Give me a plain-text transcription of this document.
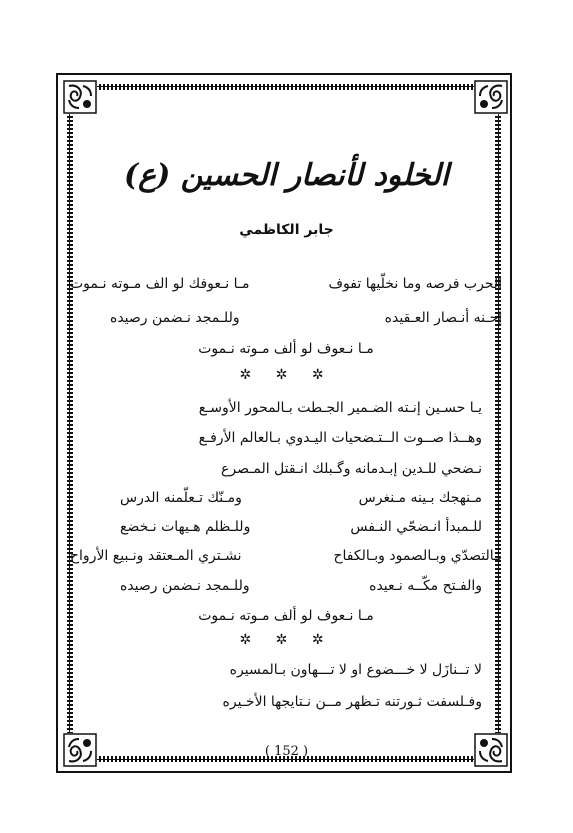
الخلود لأنصار الحسين (ع)
جابر الكاظمي
الحرب فرصه وما نخلّيها تفوف
مـا نـعوفك لو الف مـوته نـموت
إحـنه أنـصار العـقيده
وللـمجد نـضمن رصيده
مـا نـعوف لو ألف مـوته نـموت
✲ ✲ ✲
يـا حسـين إنـته الضـمير الجـطت بـالمحور الأوسـع
وهــذا صــوت الــتـضحيات اليـدوي بـالعالم الأرفـع
نـضحي للـدين إبـدمانه وگـبلك انـقتل المـصرع
مـنهجك بـينه مـنغرس
ومـنّك تـعلّمنه الدرس
للـمبدأ انـضحّي النـفس
وللـظلم هـيهات نـخضع
بـالتصدّي وبـالصمود وبـالكفاح
نشـتري المـعتقد ونـبيع الأرواح
والفـتح مكّــه نـعيده
وللـمجد نـضمن رصيده
مـا نـعوف لو ألف مـوته نـموت
✲ ✲ ✲
لا تــنازَل لا خـــضوع او لا تـــهاون بـالمسيره
وفـلسفت ثـورتنه تـظهر مــن نـتايجها الأخـيره
( 152 )
